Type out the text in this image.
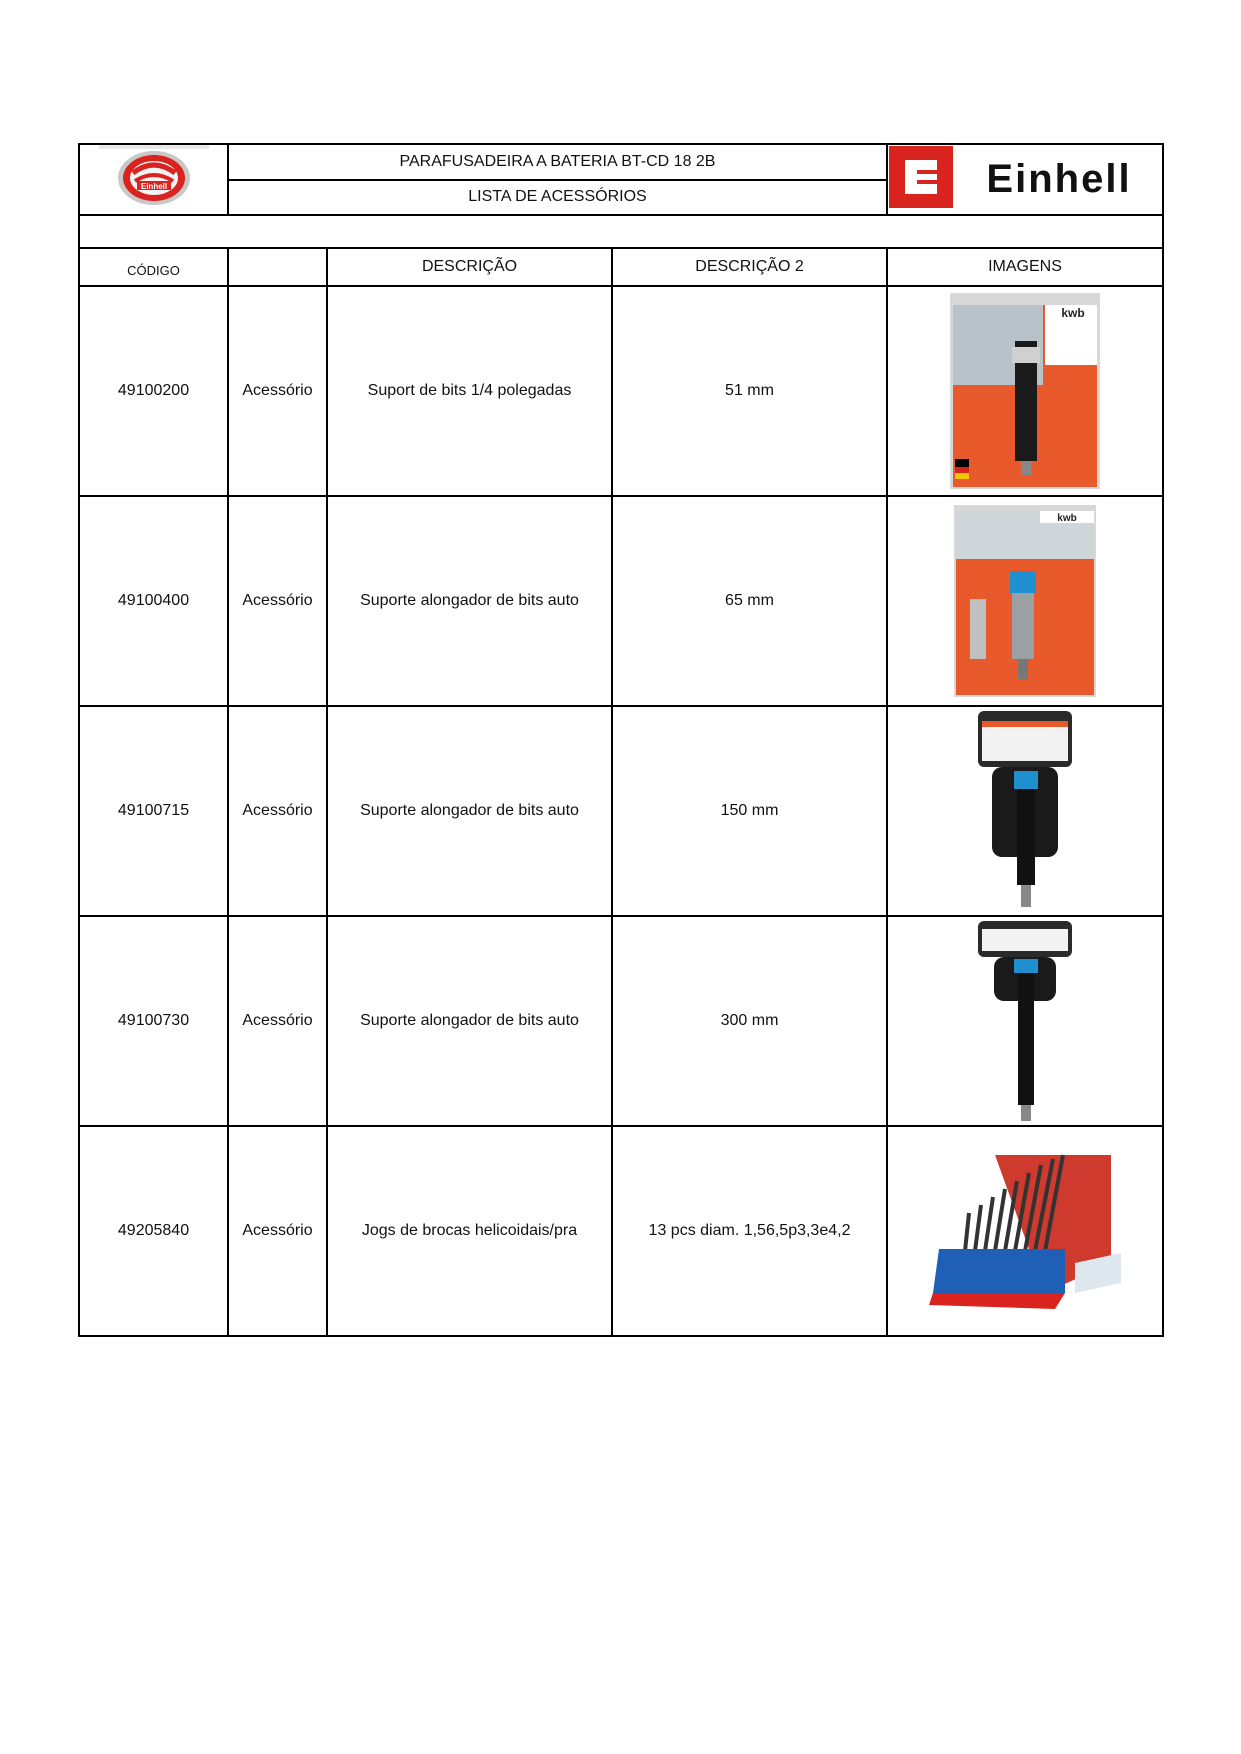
Einhell	PARAFUSADEIRA A BATERIA BT-CD 18 2B			Einhell

	LISTA DE ACESSÓRIOS			

CÓDIGO		DESCRIÇÃO	DESCRIÇÃO 2	IMAGENS
49100200	Acessório	Suport de bits 1/4 polegadas	51 mm	kwb

49100400	Acessório	Suporte alongador de bits auto	65 mm	kwb

49100715	Acessório	Suporte alongador de bits auto	150 mm	

49100730	Acessório	Suporte alongador de bits auto	300 mm	

49205840	Acessório	Jogs de brocas helicoidais/pra	13 pcs diam. 1,56,5p3,3e4,2	
